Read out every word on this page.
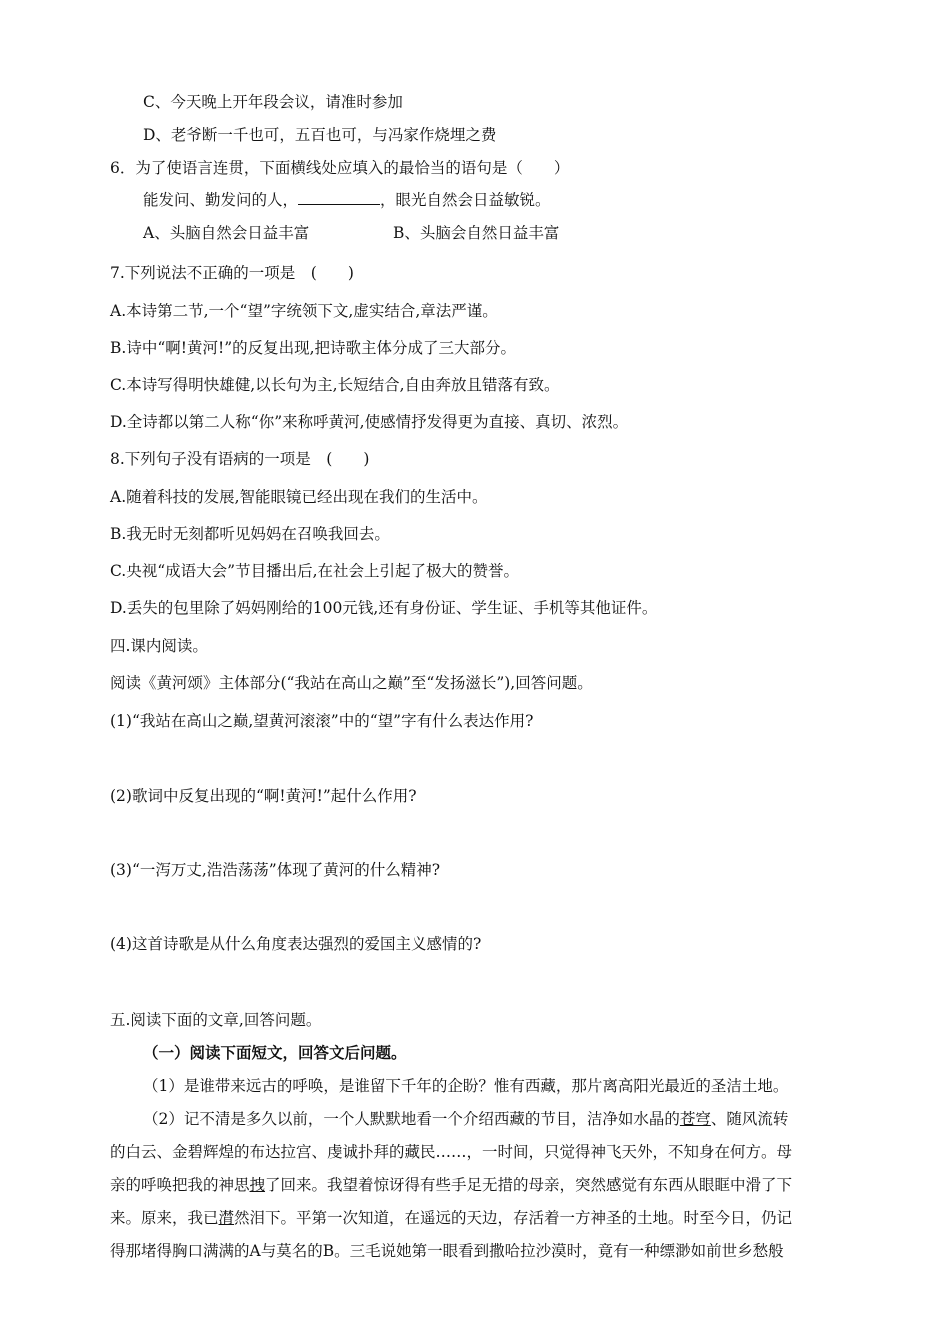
C、今天晚上开年段会议，请准时参加
D、老爷断一千也可，五百也可，与冯家作烧埋之费
6．为了使语言连贯，下面横线处应填入的最恰当的语句是（　　）
能发问、勤发问的人，	，眼光自然会日益敏锐。
A、头脑自然会日益丰富	B、头脑会自然日益丰富
7.下列说法不正确的一项是　(　　)
A.本诗第二节,一个“望”字统领下文,虚实结合,章法严谨。
B.诗中“啊!黄河!”的反复出现,把诗歌主体分成了三大部分。
C.本诗写得明快雄健,以长句为主,长短结合,自由奔放且错落有致。
D.全诗都以第二人称“你”来称呼黄河,使感情抒发得更为直接、真切、浓烈。
8.下列句子没有语病的一项是　(　　)
A.随着科技的发展,智能眼镜已经出现在我们的生活中。
B.我无时无刻都听见妈妈在召唤我回去。
C.央视“成语大会”节目播出后,在社会上引起了极大的赞誉。
D.丢失的包里除了妈妈刚给的100元钱,还有身份证、学生证、手机等其他证件。
四.课内阅读。
阅读《黄河颂》主体部分(“我站在高山之巅”至“发扬滋长”),回答问题。
(1)“我站在高山之巅,望黄河滚滚”中的“望”字有什么表达作用?
(2)歌词中反复出现的“啊!黄河!”起什么作用?
(3)“一泻万丈,浩浩荡荡”体现了黄河的什么精神?
(4)这首诗歌是从什么角度表达强烈的爱国主义感情的?
五.阅读下面的文章,回答问题。
（一）阅读下面短文，回答文后问题。
（1）是谁带来远古的呼唤，是谁留下千年的企盼？惟有西藏，那片离高阳光最近的圣洁土地。
（2）记不清是多久以前，一个人默默地看一个介绍西藏的节目，洁净如水晶的苍穹、随风流转
的白云、金碧辉煌的布达拉宫、虔诚扑拜的藏民……，一时间，只觉得神飞天外，不知身在何方。母
亲的呼唤把我的神思拽了回来。我望着惊讶得有些手足无措的母亲，突然感觉有东西从眼眶中滑了下
来。原来，我已潸然泪下。平第一次知道，在遥远的天边，存活着一方神圣的土地。时至今日，仍记
得那堵得胸口满满的A与莫名的B。三毛说她第一眼看到撒哈拉沙漠时，竟有一种缥渺如前世乡愁般
